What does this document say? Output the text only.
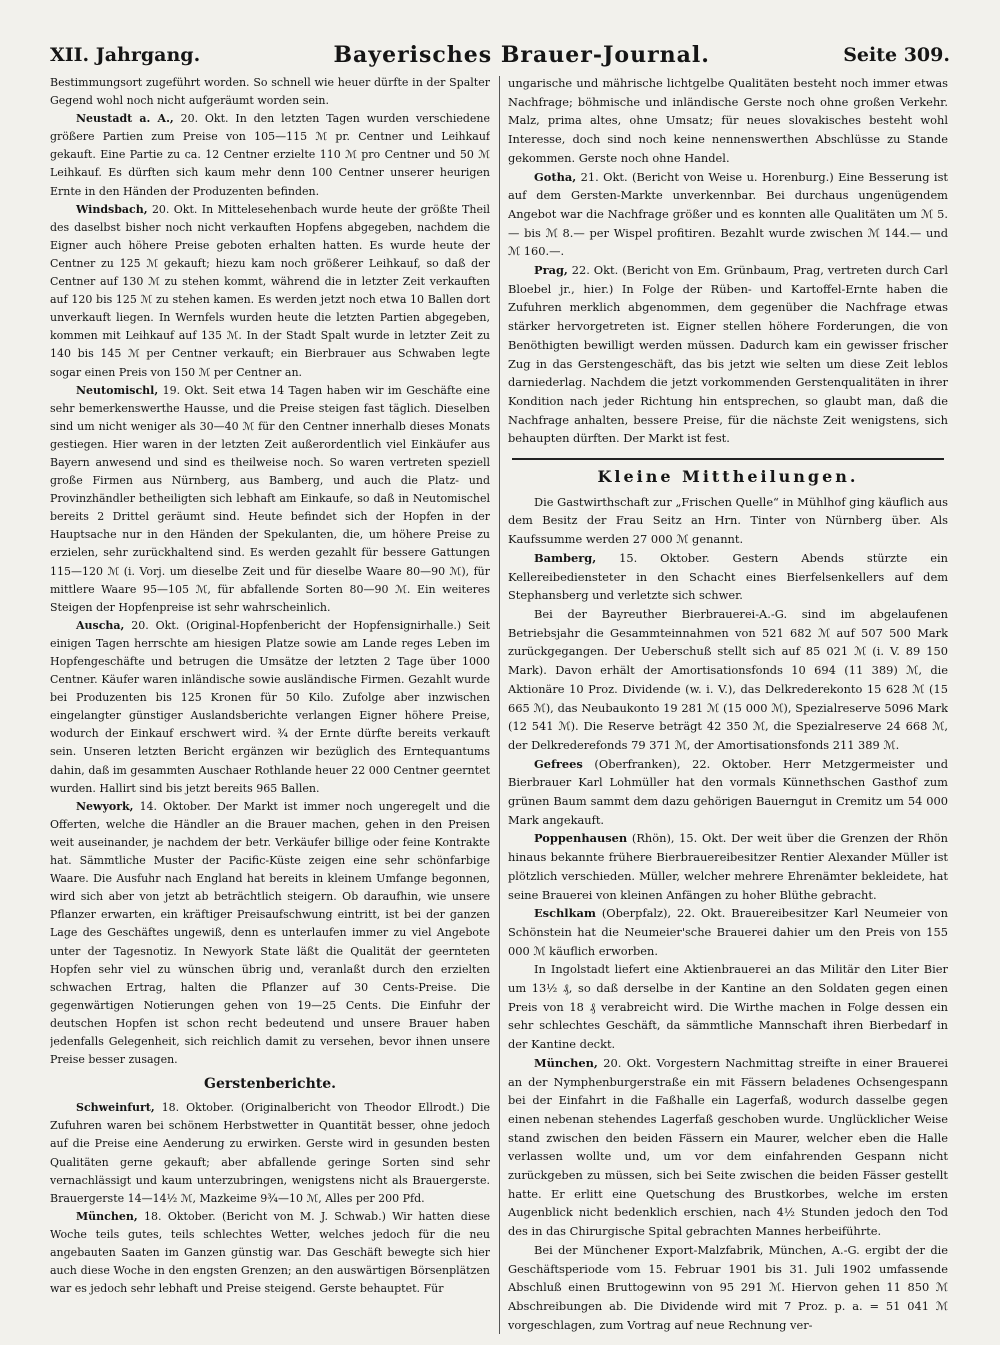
XII. Jahrgang.	Bayerisches Brauer-Journal.	Seite 309.

Bestimmungsort zugeführt worden. So schnell wie heuer dürfte in der Spalter Gegend wohl noch nicht aufgeräumt worden sein.

Neustadt a. A., 20. Okt. In den letzten Tagen wurden verschiedene größere Partien zum Preise von 105—115 ℳ pr. Centner und Leihkauf gekauft. Eine Partie zu ca. 12 Centner erzielte 110 ℳ pro Centner und 50 ℳ Leihkauf. Es dürften sich kaum mehr denn 100 Centner unserer heurigen Ernte in den Händen der Produzenten befinden.

Windsbach, 20. Okt. In Mittelesehenbach wurde heute der größte Theil des daselbst bisher noch nicht verkauften Hopfens abgegeben, nachdem die Eigner auch höhere Preise geboten erhalten hatten. Es wurde heute der Centner zu 125 ℳ gekauft; hiezu kam noch größerer Leihkauf, so daß der Centner auf 130 ℳ zu stehen kommt, während die in letzter Zeit verkauften auf 120 bis 125 ℳ zu stehen kamen. Es werden jetzt noch etwa 10 Ballen dort unverkauft liegen. In Wernfels wurden heute die letzten Partien abgegeben, kommen mit Leihkauf auf 135 ℳ. In der Stadt Spalt wurde in letzter Zeit zu 140 bis 145 ℳ per Centner verkauft; ein Bierbrauer aus Schwaben legte sogar einen Preis von 150 ℳ per Centner an.

Neutomischl, 19. Okt. Seit etwa 14 Tagen haben wir im Geschäfte eine sehr bemerkenswerthe Hausse, und die Preise steigen fast täglich. Dieselben sind um nicht weniger als 30—40 ℳ für den Centner innerhalb dieses Monats gestiegen. Hier waren in der letzten Zeit außerordentlich viel Einkäufer aus Bayern anwesend und sind es theilweise noch. So waren vertreten speziell große Firmen aus Nürnberg, aus Bamberg, und auch die Platz- und Provinzhändler betheiligten sich lebhaft am Einkaufe, so daß in Neutomischel bereits 2 Drittel geräumt sind. Heute befindet sich der Hopfen in der Hauptsache nur in den Händen der Spekulanten, die, um höhere Preise zu erzielen, sehr zurückhaltend sind. Es werden gezahlt für bessere Gattungen 115—120 ℳ (i. Vorj. um dieselbe Zeit und für dieselbe Waare 80—90 ℳ), für mittlere Waare 95—105 ℳ, für abfallende Sorten 80—90 ℳ. Ein weiteres Steigen der Hopfenpreise ist sehr wahrscheinlich.

Auscha, 20. Okt. (Original-Hopfenbericht der Hopfensignirhalle.) Seit einigen Tagen herrschte am hiesigen Platze sowie am Lande reges Leben im Hopfengeschäfte und betrugen die Umsätze der letzten 2 Tage über 1000 Centner. Käufer waren inländische sowie ausländische Firmen. Gezahlt wurde bei Produzenten bis 125 Kronen für 50 Kilo. Zufolge aber inzwischen eingelangter günstiger Auslandsberichte verlangen Eigner höhere Preise, wodurch der Einkauf erschwert wird. ¾ der Ernte dürfte bereits verkauft sein. Unseren letzten Bericht ergänzen wir bezüglich des Erntequantums dahin, daß im gesammten Auschaer Rothlande heuer 22 000 Centner geerntet wurden. Hallirt sind bis jetzt bereits 965 Ballen.

Newyork, 14. Oktober. Der Markt ist immer noch ungeregelt und die Offerten, welche die Händler an die Brauer machen, gehen in den Preisen weit auseinander, je nachdem der betr. Verkäufer billige oder feine Kontrakte hat. Sämmtliche Muster der Pacific-Küste zeigen eine sehr schönfarbige Waare. Die Ausfuhr nach England hat bereits in kleinem Umfange begonnen, wird sich aber von jetzt ab beträchtlich steigern. Ob daraufhin, wie unsere Pflanzer erwarten, ein kräftiger Preisaufschwung eintritt, ist bei der ganzen Lage des Geschäftes ungewiß, denn es unterlaufen immer zu viel Angebote unter der Tagesnotiz. In Newyork State läßt die Qualität der geernteten Hopfen sehr viel zu wünschen übrig und, veranlaßt durch den erzielten schwachen Ertrag, halten die Pflanzer auf 30 Cents-Preise. Die gegenwärtigen Notierungen gehen von 19—25 Cents. Die Einfuhr der deutschen Hopfen ist schon recht bedeutend und unsere Brauer haben jedenfalls Gelegenheit, sich reichlich damit zu versehen, bevor ihnen unsere Preise besser zusagen.

Gerstenberichte.

Schweinfurt, 18. Oktober. (Originalbericht von Theodor Ellrodt.) Die Zufuhren waren bei schönem Herbstwetter in Quantität besser, ohne jedoch auf die Preise eine Aenderung zu erwirken. Gerste wird in gesunden besten Qualitäten gerne gekauft; aber abfallende geringe Sorten sind sehr vernachlässigt und kaum unterzubringen, wenigstens nicht als Brauergerste. Brauergerste 14—14½ ℳ, Mazkeime 9¾—10 ℳ, Alles per 200 Pfd.

München, 18. Oktober. (Bericht von M. J. Schwab.) Wir hatten diese Woche teils gutes, teils schlechtes Wetter, welches jedoch für die neu angebauten Saaten im Ganzen günstig war. Das Geschäft bewegte sich hier auch diese Woche in den engsten Grenzen; an den auswärtigen Börsenplätzen war es jedoch sehr lebhaft und Preise steigend. Gerste behauptet. Für

ungarische und mährische lichtgelbe Qualitäten besteht noch immer etwas Nachfrage; böhmische und inländische Gerste noch ohne großen Verkehr. Malz, prima altes, ohne Umsatz; für neues slovakisches besteht wohl Interesse, doch sind noch keine nennenswerthen Abschlüsse zu Stande gekommen. Gerste noch ohne Handel.

Gotha, 21. Okt. (Bericht von Weise u. Horenburg.) Eine Besserung ist auf dem Gersten-Markte unverkennbar. Bei durchaus ungenügendem Angebot war die Nachfrage größer und es konnten alle Qualitäten um ℳ 5.— bis ℳ 8.— per Wispel profitiren. Bezahlt wurde zwischen ℳ 144.— und ℳ 160.—.

Prag, 22. Okt. (Bericht von Em. Grünbaum, Prag, vertreten durch Carl Bloebel jr., hier.) In Folge der Rüben- und Kartoffel-Ernte haben die Zufuhren merklich abgenommen, dem gegenüber die Nachfrage etwas stärker hervorgetreten ist. Eigner stellen höhere Forderungen, die von Benöthigten bewilligt werden müssen. Dadurch kam ein gewisser frischer Zug in das Gerstengeschäft, das bis jetzt wie selten um diese Zeit leblos darniederlag. Nachdem die jetzt vorkommenden Gerstenqualitäten in ihrer Kondition nach jeder Richtung hin entsprechen, so glaubt man, daß die Nachfrage anhalten, bessere Preise, für die nächste Zeit wenigstens, sich behaupten dürften. Der Markt ist fest.

Kleine Mittheilungen.

Die Gastwirthschaft zur „Frischen Quelle“ in Mühlhof ging käuflich aus dem Besitz der Frau Seitz an Hrn. Tinter von Nürnberg über. Als Kaufssumme werden 27 000 ℳ genannt.

Bamberg, 15. Oktober. Gestern Abends stürzte ein Kellereibediensteter in den Schacht eines Bierfelsenkellers auf dem Stephansberg und verletzte sich schwer.

Bei der Bayreuther Bierbrauerei-A.-G. sind im abgelaufenen Betriebsjahr die Gesammteinnahmen von 521 682 ℳ auf 507 500 Mark zurückgegangen. Der Ueberschuß stellt sich auf 85 021 ℳ (i. V. 89 150 Mark). Davon erhält der Amortisationsfonds 10 694 (11 389) ℳ, die Aktionäre 10 Proz. Dividende (w. i. V.), das Delkrederekonto 15 628 ℳ (15 665 ℳ), das Neubaukonto 19 281 ℳ (15 000 ℳ), Spezialreserve 5096 Mark (12 541 ℳ). Die Reserve beträgt 42 350 ℳ, die Spezialreserve 24 668 ℳ, der Delkrederefonds 79 371 ℳ, der Amortisationsfonds 211 389 ℳ.

Gefrees (Oberfranken), 22. Oktober. Herr Metzgermeister und Bierbrauer Karl Lohmüller hat den vormals Künnethschen Gasthof zum grünen Baum sammt dem dazu gehörigen Bauerngut in Cremitz um 54 000 Mark angekauft.

Poppenhausen (Rhön), 15. Okt. Der weit über die Grenzen der Rhön hinaus bekannte frühere Bierbrauereibesitzer Rentier Alexander Müller ist plötzlich verschieden. Müller, welcher mehrere Ehrenämter bekleidete, hat seine Brauerei von kleinen Anfängen zu hoher Blüthe gebracht.

Eschlkam (Oberpfalz), 22. Okt. Brauereibesitzer Karl Neumeier von Schönstein hat die Neumeier'sche Brauerei dahier um den Preis von 155 000 ℳ käuflich erworben.

In Ingolstadt liefert eine Aktienbrauerei an das Militär den Liter Bier um 13½ ₰, so daß derselbe in der Kantine an den Soldaten gegen einen Preis von 18 ₰ verabreicht wird. Die Wirthe machen in Folge dessen ein sehr schlechtes Geschäft, da sämmtliche Mannschaft ihren Bierbedarf in der Kantine deckt.

München, 20. Okt. Vorgestern Nachmittag streifte in einer Brauerei an der Nymphenburgerstraße ein mit Fässern beladenes Ochsengespann bei der Einfahrt in die Faßhalle ein Lagerfaß, wodurch dasselbe gegen einen nebenan stehendes Lagerfaß geschoben wurde. Unglücklicher Weise stand zwischen den beiden Fässern ein Maurer, welcher eben die Halle verlassen wollte und, um vor dem einfahrenden Gespann nicht zurückgeben zu müssen, sich bei Seite zwischen die beiden Fässer gestellt hatte. Er erlitt eine Quetschung des Brustkorbes, welche im ersten Augenblick nicht bedenklich erschien, nach 4½ Stunden jedoch den Tod des in das Chirurgische Spital gebrachten Mannes herbeiführte.

Bei der Münchener Export-Malzfabrik, München, A.-G. ergibt der die Geschäftsperiode vom 15. Februar 1901 bis 31. Juli 1902 umfassende Abschluß einen Bruttogewinn von 95 291 ℳ. Hiervon gehen 11 850 ℳ Abschreibungen ab. Die Dividende wird mit 7 Proz. p. a. = 51 041 ℳ vorgeschlagen, zum Vortrag auf neue Rechnung ver-
